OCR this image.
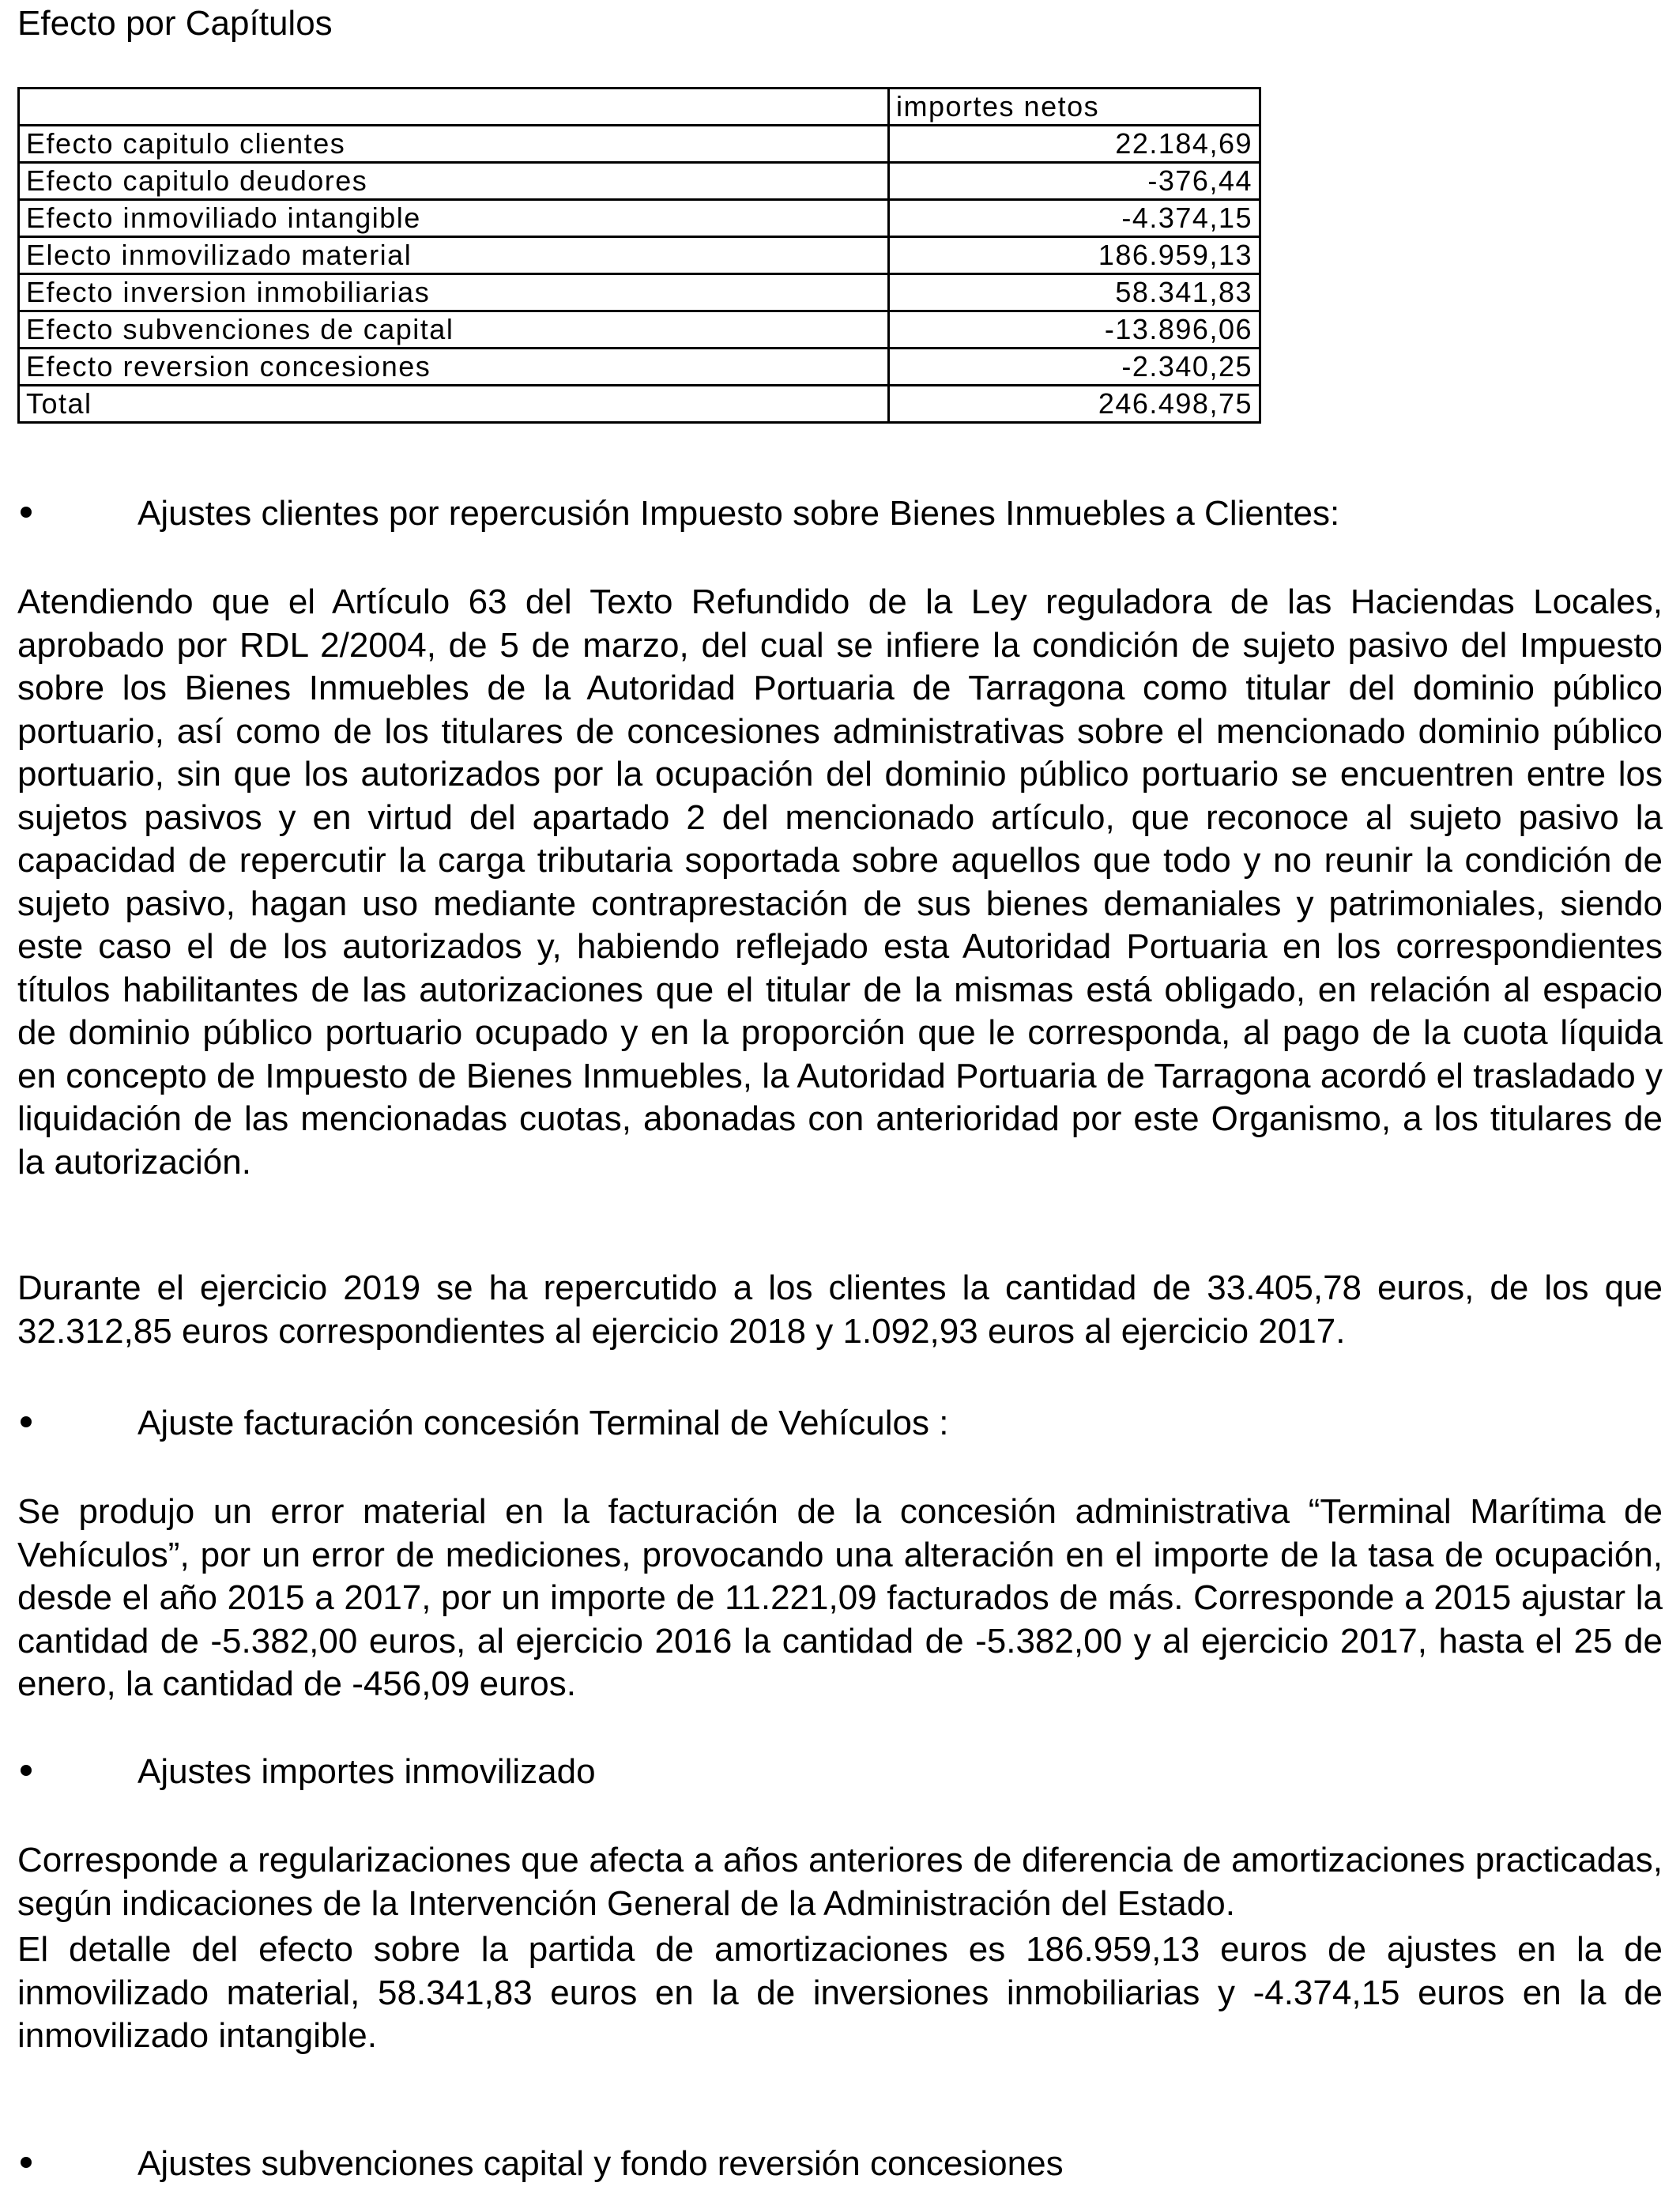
Efecto por Capítulos
	importes netos
Efecto capitulo clientes	22.184,69
Efecto capitulo deudores	-376,44
Efecto inmoviliado intangible	-4.374,15
Electo inmovilizado material	186.959,13
Efecto inversion inmobiliarias	58.341,83
Efecto subvenciones de capital	-13.896,06
Efecto reversion concesiones	-2.340,25
Total	246.498,75
Ajustes clientes por repercusión Impuesto sobre Bienes Inmuebles a Clientes:
Atendiendo que el Artículo 63 del Texto Refundido de la Ley reguladora de las Haciendas Locales, aprobado por RDL 2/2004, de 5 de marzo, del cual se infiere la condición de sujeto pasivo del Impuesto sobre los Bienes Inmuebles de la Autoridad Portuaria de Tarragona como titular del dominio público portuario, así como de los titulares de concesiones administrativas sobre el mencionado dominio público portuario, sin que los autorizados por la ocupación del dominio público portuario se encuentren entre los sujetos pasivos y en virtud del apartado 2 del mencionado artículo, que reconoce al sujeto pasivo la capacidad de repercutir la carga tributaria soportada sobre aquellos que todo y no reunir la condición de sujeto pasivo, hagan uso mediante contraprestación de sus bienes demaniales y patrimoniales, siendo este caso el de los autorizados y, habiendo reflejado esta Autoridad Portuaria en los correspondientes títulos habilitantes de las autorizaciones que el titular de la mismas está obligado, en relación al espacio de dominio público portuario ocupado y en la proporción que le corresponda, al pago de la cuota líquida en concepto de Impuesto de Bienes Inmuebles, la Autoridad Portuaria de Tarragona acordó el trasladado y liquidación de las mencionadas cuotas, abonadas con anterioridad por este Organismo, a los titulares de la autorización.
Durante el ejercicio 2019 se ha repercutido a los clientes la cantidad de 33.405,78 euros, de los que 32.312,85 euros correspondientes al ejercicio 2018 y 1.092,93 euros al ejercicio 2017.
Ajuste facturación concesión Terminal de Vehículos :
Se produjo un error material en la facturación de la concesión administrativa “Terminal Marítima de Vehículos”, por un error de mediciones, provocando una alteración en el importe de la tasa de ocupación, desde el año 2015 a 2017, por un importe de 11.221,09 facturados de más. Corresponde a 2015 ajustar la cantidad de -5.382,00 euros, al ejercicio 2016 la cantidad de -5.382,00 y al ejercicio 2017, hasta el 25 de enero, la cantidad de -456,09 euros.
Ajustes importes inmovilizado
Corresponde a regularizaciones que afecta a años anteriores de diferencia de amortizaciones practicadas, según indicaciones de la Intervención General de la Administración del Estado.
El detalle del efecto sobre la partida de amortizaciones es 186.959,13 euros de ajustes en la de inmovilizado material, 58.341,83 euros en la de inversiones inmobiliarias y -4.374,15 euros en la de inmovilizado intangible.
Ajustes subvenciones capital y fondo reversión concesiones
